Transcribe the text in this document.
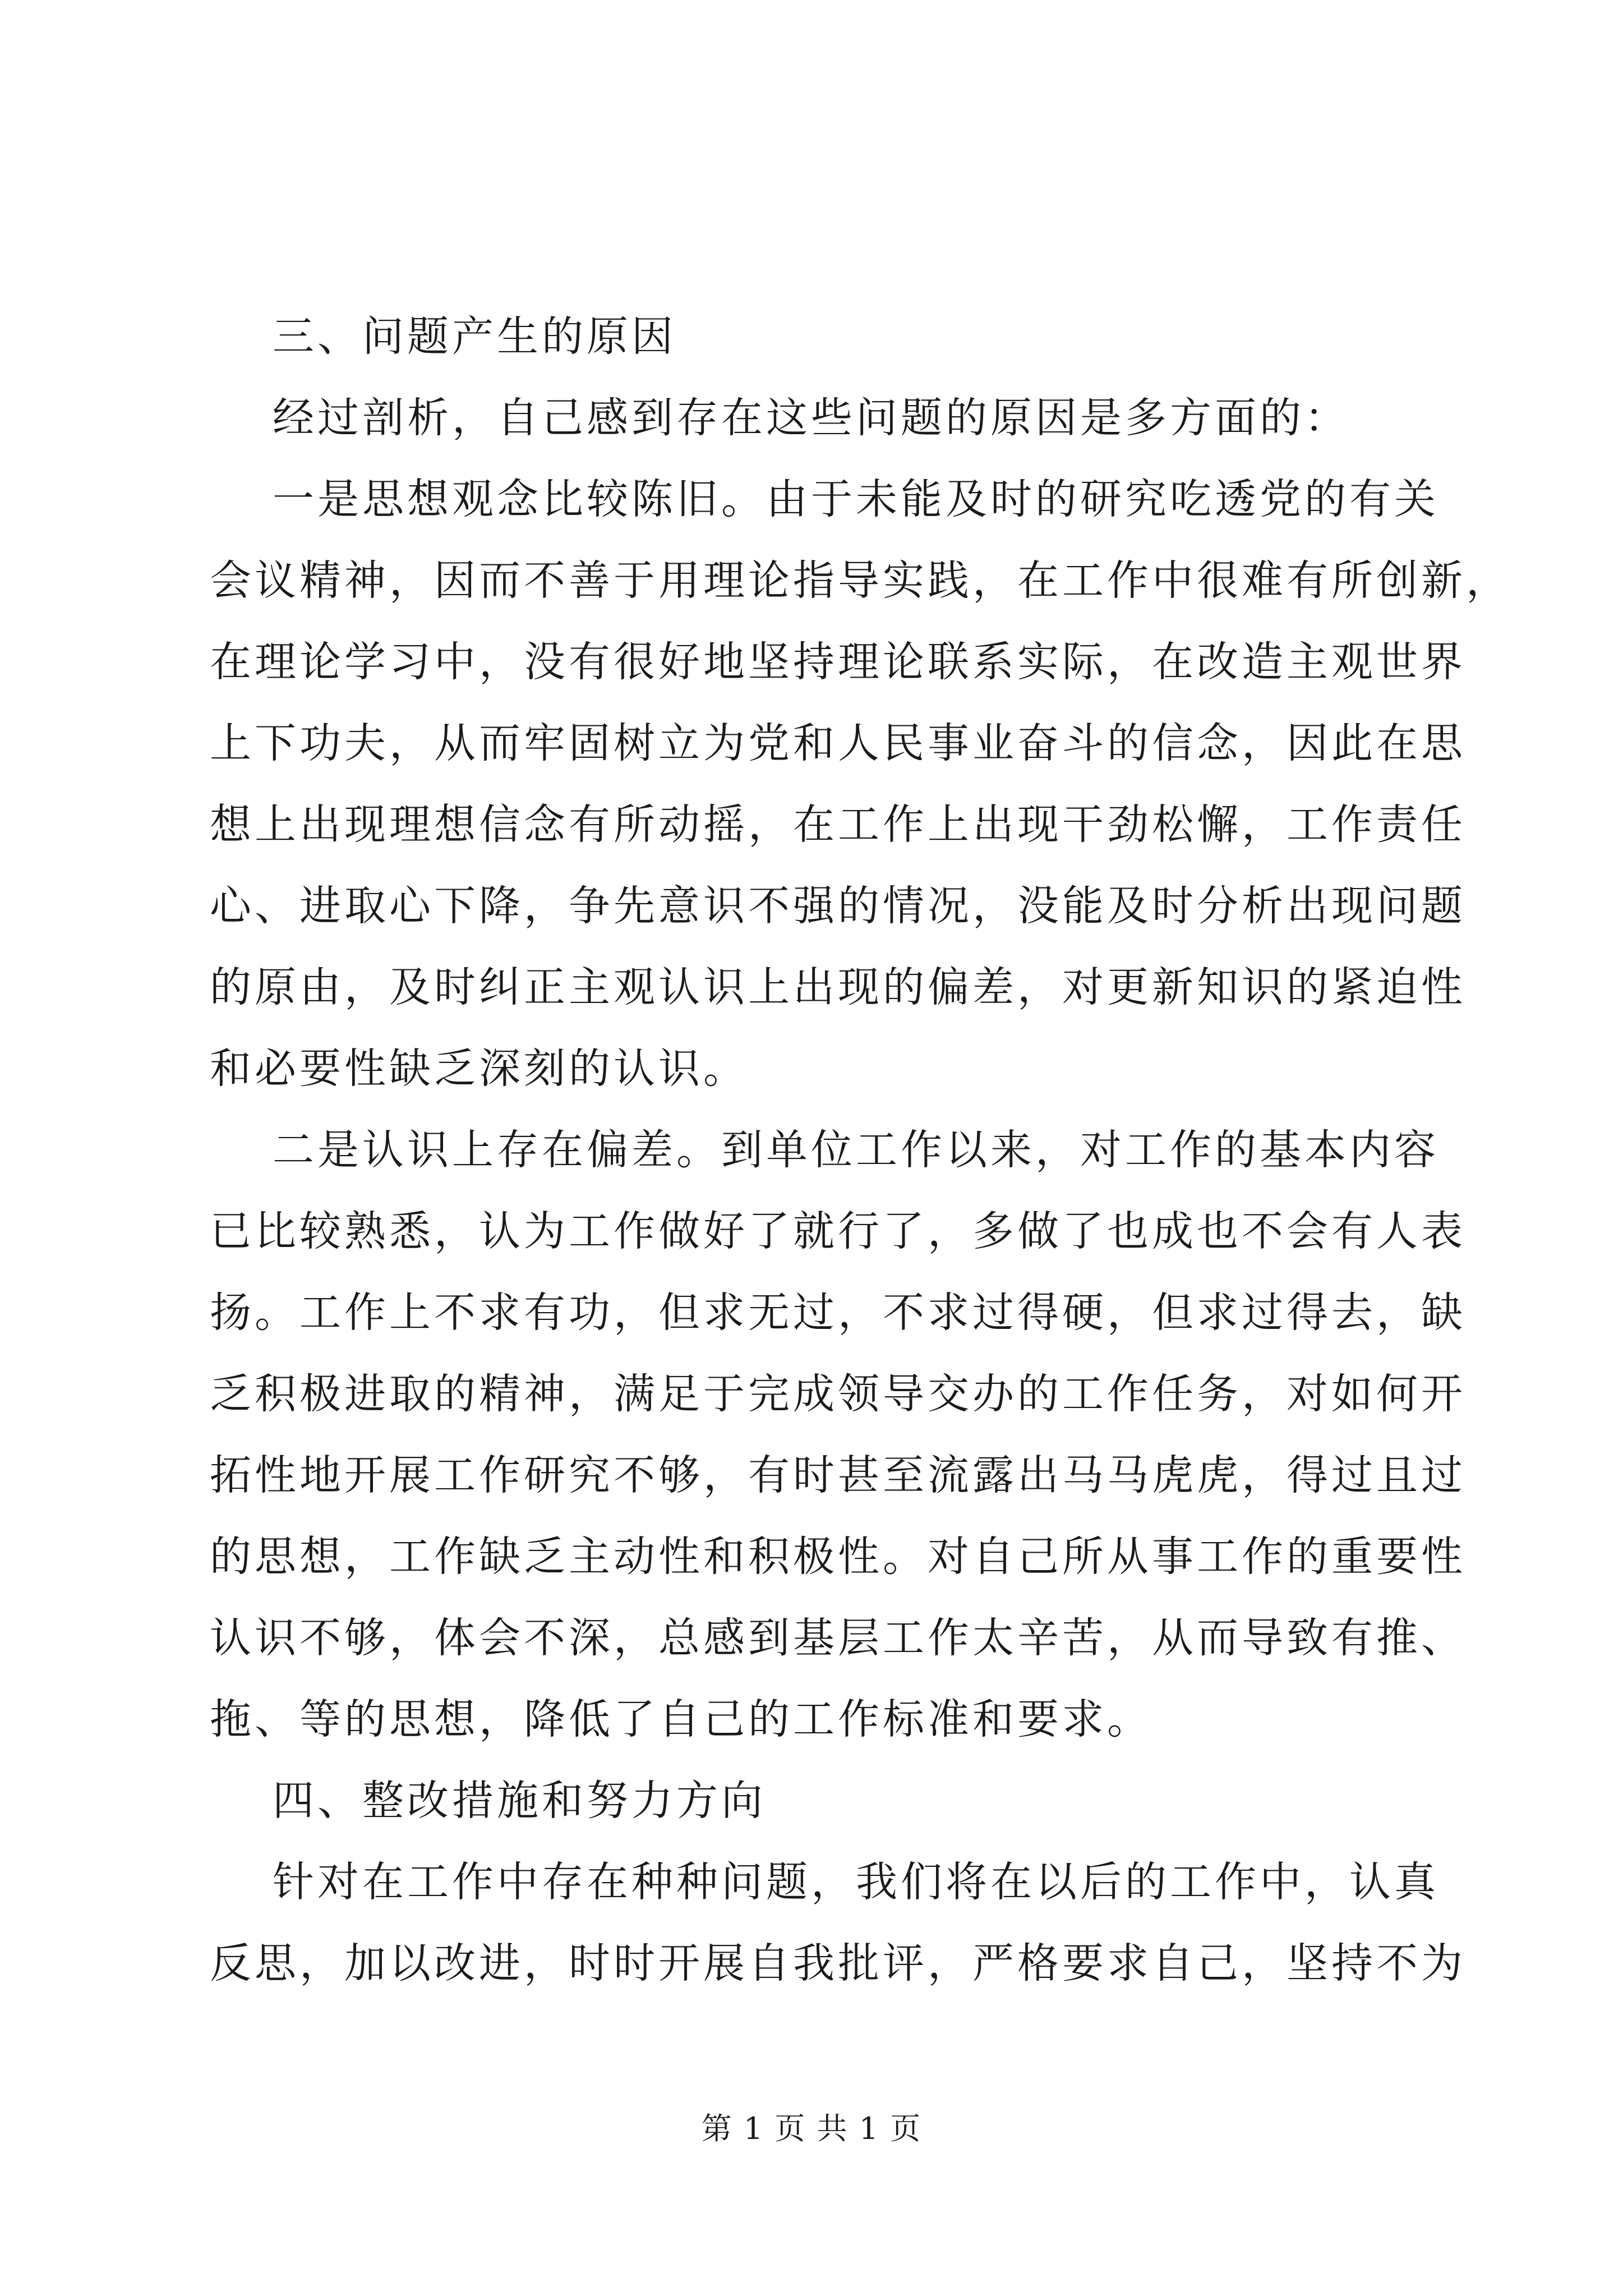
三、问题产生的原因
经过剖析，自己感到存在这些问题的原因是多方面的：
一是思想观念比较陈旧。由于未能及时的研究吃透党的有关
会议精神，因而不善于用理论指导实践，在工作中很难有所创新，
在理论学习中，没有很好地坚持理论联系实际，在改造主观世界
上下功夫，从而牢固树立为党和人民事业奋斗的信念，因此在思
想上出现理想信念有所动摇，在工作上出现干劲松懈，工作责任
心、进取心下降，争先意识不强的情况，没能及时分析出现问题
的原由，及时纠正主观认识上出现的偏差，对更新知识的紧迫性
和必要性缺乏深刻的认识。
二是认识上存在偏差。到单位工作以来，对工作的基本内容
已比较熟悉，认为工作做好了就行了，多做了也成也不会有人表
扬。工作上不求有功，但求无过，不求过得硬，但求过得去，缺
乏积极进取的精神，满足于完成领导交办的工作任务，对如何开
拓性地开展工作研究不够，有时甚至流露出马马虎虎，得过且过
的思想，工作缺乏主动性和积极性。对自己所从事工作的重要性
认识不够，体会不深，总感到基层工作太辛苦，从而导致有推、
拖、等的思想，降低了自己的工作标准和要求。
四、整改措施和努力方向
针对在工作中存在种种问题，我们将在以后的工作中，认真
反思，加以改进，时时开展自我批评，严格要求自己，坚持不为
第 1 页 共 1 页
